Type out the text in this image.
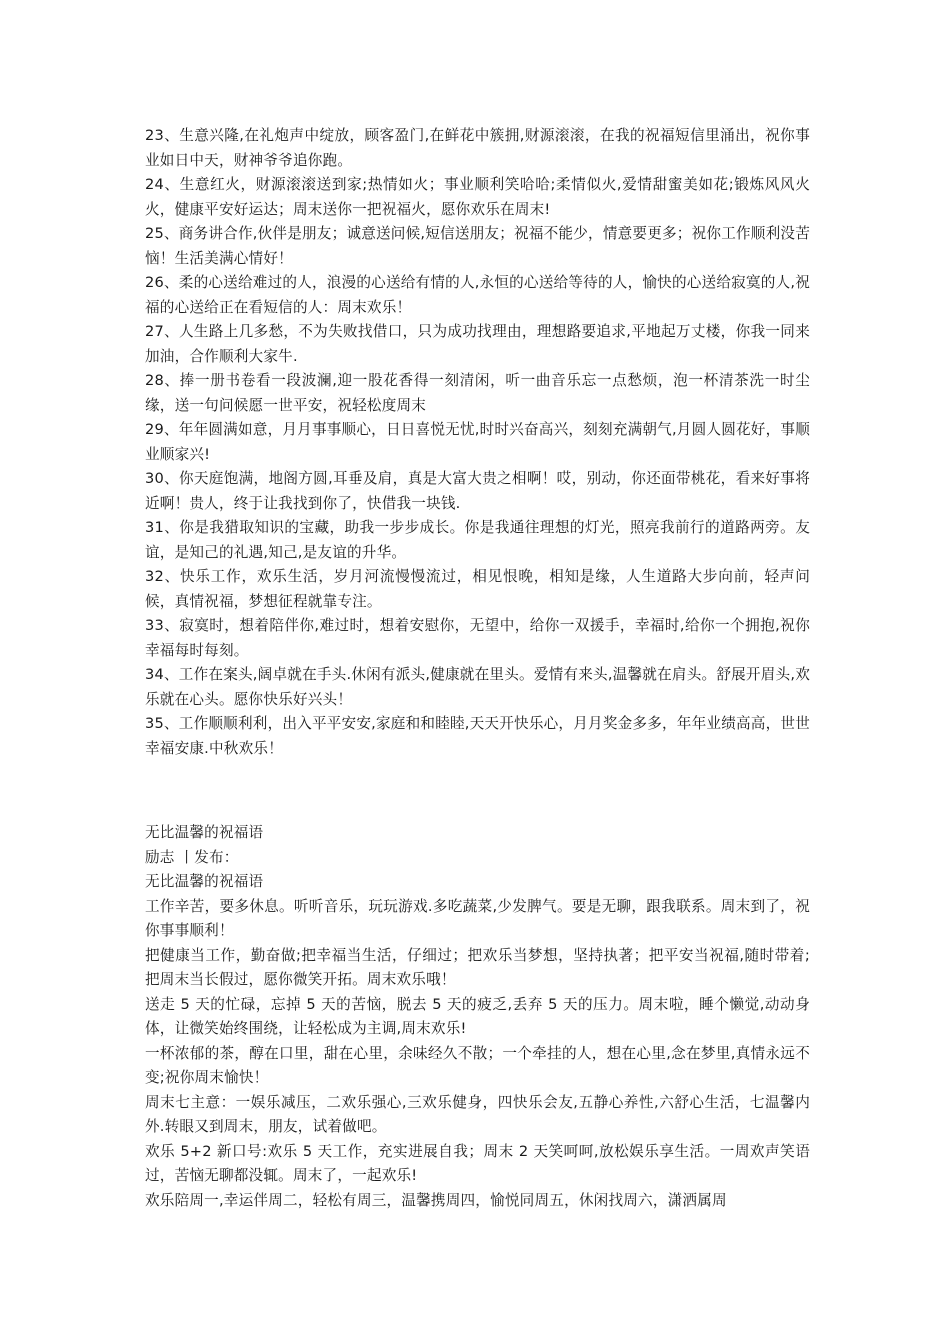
23、生意兴隆,在礼炮声中绽放，顾客盈门,在鲜花中簇拥,财源滚滚，在我的祝福短信里涌出，祝你事业如日中天，财神爷爷追你跑。

24、生意红火，财源滚滚送到家;热情如火；事业顺利笑哈哈;柔情似火,爱情甜蜜美如花;锻炼风风火火，健康平安好运达；周末送你一把祝福火，愿你欢乐在周末!

25、商务讲合作,伙伴是朋友；诚意送问候,短信送朋友；祝福不能少，情意要更多；祝你工作顺利没苦恼！生活美满心情好！

26、柔的心送给难过的人，浪漫的心送给有情的人,永恒的心送给等待的人，愉快的心送给寂寞的人,祝福的心送给正在看短信的人：周末欢乐！

27、人生路上几多愁，不为失败找借口，只为成功找理由，理想路要追求,平地起万丈楼，你我一同来加油，合作顺利大家牛.

28、捧一册书卷看一段波澜,迎一股花香得一刻清闲，听一曲音乐忘一点愁烦，泡一杯清茶洗一时尘缘，送一句问候愿一世平安，祝轻松度周末

29、年年圆满如意，月月事事顺心，日日喜悦无忧,时时兴奋高兴，刻刻充满朝气,月圆人圆花好，事顺业顺家兴!

30、你天庭饱满，地阁方圆,耳垂及肩，真是大富大贵之相啊！哎，别动，你还面带桃花，看来好事将近啊！贵人，终于让我找到你了，快借我一块钱.

31、你是我猎取知识的宝藏，助我一步步成长。你是我通往理想的灯光，照亮我前行的道路两旁。友谊，是知己的礼遇,知己,是友谊的升华。

32、快乐工作，欢乐生活，岁月河流慢慢流过，相见恨晚，相知是缘，人生道路大步向前，轻声问候，真情祝福，梦想征程就靠专注。

33、寂寞时，想着陪伴你,难过时，想着安慰你，无望中，给你一双援手，幸福时,给你一个拥抱,祝你幸福每时每刻。

34、工作在案头,阔卓就在手头.休闲有派头,健康就在里头。爱情有来头,温馨就在肩头。舒展开眉头,欢乐就在心头。愿你快乐好兴头！

35、工作顺顺利利，出入平平安安,家庭和和睦睦,天天开快乐心，月月奖金多多，年年业绩高高，世世幸福安康.中秋欢乐！

无比温馨的祝福语

励志 丨发布：

无比温馨的祝福语

工作辛苦，要多休息。听听音乐，玩玩游戏.多吃蔬菜,少发脾气。要是无聊，跟我联系。周末到了，祝你事事顺利！

把健康当工作，勤奋做;把幸福当生活，仔细过；把欢乐当梦想，坚持执著；把平安当祝福,随时带着;把周末当长假过，愿你微笑开拓。周末欢乐哦！

送走 5 天的忙碌，忘掉 5 天的苦恼，脱去 5 天的疲乏,丢弃 5 天的压力。周末啦，睡个懒觉,动动身体，让微笑始终围绕，让轻松成为主调,周末欢乐!

一杯浓郁的茶，醇在口里，甜在心里，余味经久不散；一个牵挂的人，想在心里,念在梦里,真情永远不变;祝你周末愉快！

周末七主意：一娱乐减压，二欢乐强心,三欢乐健身，四快乐会友,五静心养性,六舒心生活，七温馨内外.转眼又到周末，朋友，试着做吧。

欢乐 5+2 新口号:欢乐 5 天工作，充实进展自我；周末 2 天笑呵呵,放松娱乐享生活。一周欢声笑语过，苦恼无聊都没辄。周末了，一起欢乐!

欢乐陪周一,幸运伴周二，轻松有周三，温馨携周四，愉悦同周五，休闲找周六，潇洒属周
